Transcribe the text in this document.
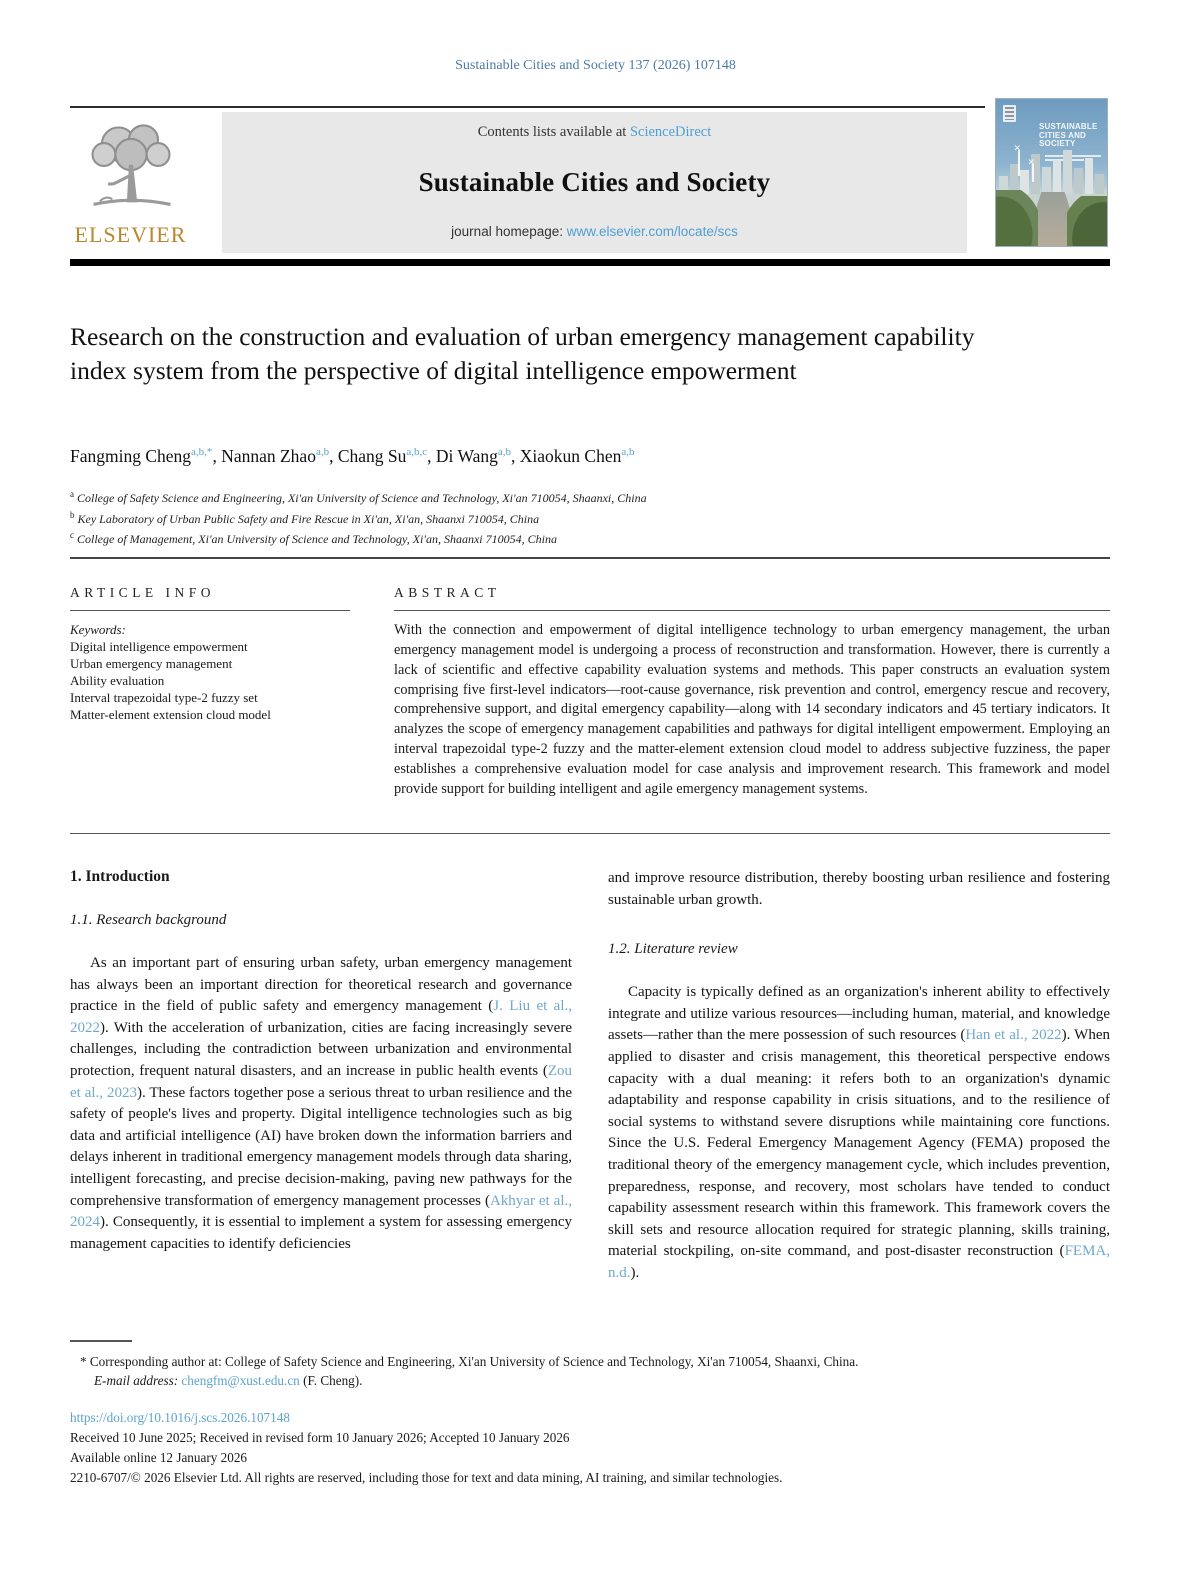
Sustainable Cities and Society 137 (2026) 107148
ELSEVIER
Contents lists available at ScienceDirect
Sustainable Cities and Society
journal homepage: www.elsevier.com/locate/scs
SUSTAINABLE CITIES AND SOCIETY
✕
✕
Research on the construction and evaluation of urban emergency management capability index system from the perspective of digital intelligence empowerment
Fangming Cheng$^{a,b,*}$, Nannan Zhao$^{a,b}$, Chang Su$^{a,b,c}$, Di Wang$^{a,b}$, Xiaokun Chen$^{a,b}$
$^a$ College of Safety Science and Engineering, Xi'an University of Science and Technology, Xi'an 710054, Shaanxi, China
$^b$ Key Laboratory of Urban Public Safety and Fire Rescue in Xi'an, Xi'an, Shaanxi 710054, China
$^c$ College of Management, Xi'an University of Science and Technology, Xi'an, Shaanxi 710054, China
ARTICLE INFO
Keywords:
Digital intelligence empowerment
Urban emergency management
Ability evaluation
Interval trapezoidal type-2 fuzzy set
Matter-element extension cloud model
ABSTRACT

With the connection and empowerment of digital intelligence technology to urban emergency management, the urban emergency management model is undergoing a process of reconstruction and transformation. However, there is currently a lack of scientific and effective capability evaluation systems and methods. This paper constructs an evaluation system comprising five first-level indicators—root-cause governance, risk prevention and control, emergency rescue and recovery, comprehensive support, and digital emergency capability—along with 14 secondary indicators and 45 tertiary indicators. It analyzes the scope of emergency management capabilities and pathways for digital intelligent empowerment. Employing an interval trapezoidal type-2 fuzzy and the matter-element extension cloud model to address subjective fuzziness, the paper establishes a comprehensive evaluation model for case analysis and improvement research. This framework and model provide support for building intelligent and agile emergency management systems.

1. Introduction
1.1. Research background

As an important part of ensuring urban safety, urban emergency management has always been an important direction for theoretical research and governance practice in the field of public safety and emergency management (J. Liu et al., 2022). With the acceleration of urbanization, cities are facing increasingly severe challenges, including the contradiction between urbanization and environmental protection, frequent natural disasters, and an increase in public health events (Zou et al., 2023). These factors together pose a serious threat to urban resilience and the safety of people's lives and property. Digital intelligence technologies such as big data and artificial intelligence (AI) have broken down the information barriers and delays inherent in traditional emergency management models through data sharing, intelligent forecasting, and precise decision-making, paving new pathways for the comprehensive transformation of emergency management processes (Akhyar et al., 2024). Consequently, it is essential to implement a system for assessing emergency management capacities to identify deficiencies

and improve resource distribution, thereby boosting urban resilience and fostering sustainable urban growth.

1.2. Literature review

Capacity is typically defined as an organization's inherent ability to effectively integrate and utilize various resources—including human, material, and knowledge assets—rather than the mere possession of such resources (Han et al., 2022). When applied to disaster and crisis management, this theoretical perspective endows capacity with a dual meaning: it refers both to an organization's dynamic adaptability and response capability in crisis situations, and to the resilience of social systems to withstand severe disruptions while maintaining core functions. Since the U.S. Federal Emergency Management Agency (FEMA) proposed the traditional theory of the emergency management cycle, which includes prevention, preparedness, response, and recovery, most scholars have tended to conduct capability assessment research within this framework. This framework covers the skill sets and resource allocation required for strategic planning, skills training, material stockpiling, on-site command, and post-disaster reconstruction (FEMA, n.d.).

* Corresponding author at: College of Safety Science and Engineering, Xi'an University of Science and Technology, Xi'an 710054, Shaanxi, China.
E-mail address: chengfm@xust.edu.cn (F. Cheng).
https://doi.org/10.1016/j.scs.2026.107148
Received 10 June 2025; Received in revised form 10 January 2026; Accepted 10 January 2026
Available online 12 January 2026
2210-6707/© 2026 Elsevier Ltd. All rights are reserved, including those for text and data mining, AI training, and similar technologies.
